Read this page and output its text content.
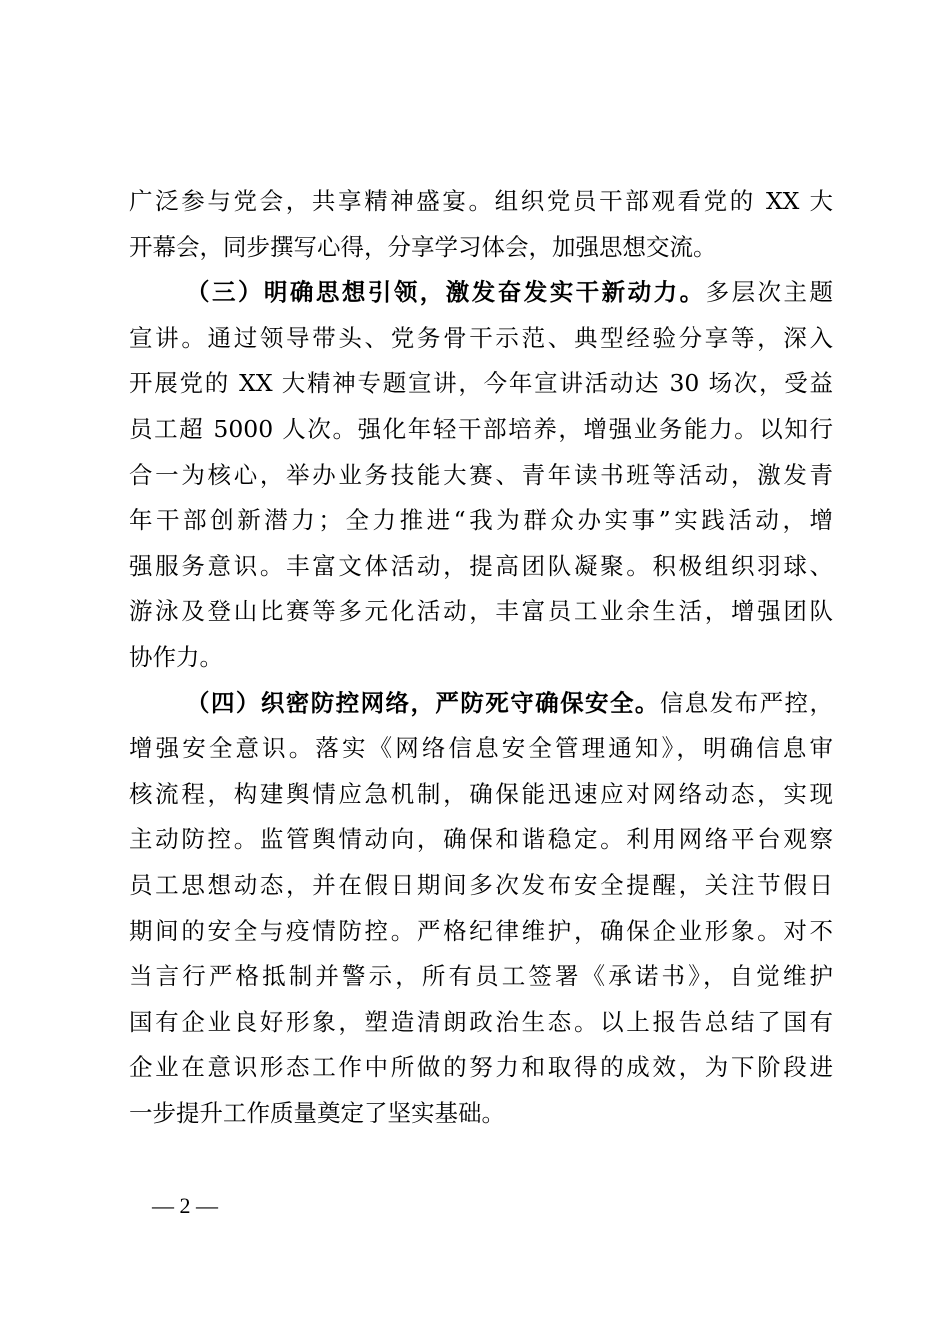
广泛参与党会，共享精神盛宴。组织党员干部观看党的 XX 大
开幕会，同步撰写心得，分享学习体会，加强思想交流。
（三）明确思想引领，激发奋发实干新动力。多层次主题
宣讲。通过领导带头、党务骨干示范、典型经验分享等，深入
开展党的 XX 大精神专题宣讲，今年宣讲活动达 30 场次，受益
员工超 5000 人次。强化年轻干部培养，增强业务能力。以知行
合一为核心，举办业务技能大赛、青年读书班等活动，激发青
年干部创新潜力；全力推进“我为群众办实事”实践活动，增
强服务意识。丰富文体活动，提高团队凝聚。积极组织羽球、
游泳及登山比赛等多元化活动，丰富员工业余生活，增强团队
协作力。
（四）织密防控网络，严防死守确保安全。信息发布严控，
增强安全意识。落实《网络信息安全管理通知》，明确信息审
核流程，构建舆情应急机制，确保能迅速应对网络动态，实现
主动防控。监管舆情动向，确保和谐稳定。利用网络平台观察
员工思想动态，并在假日期间多次发布安全提醒，关注节假日
期间的安全与疫情防控。严格纪律维护，确保企业形象。对不
当言行严格抵制并警示，所有员工签署《承诺书》，自觉维护
国有企业良好形象，塑造清朗政治生态。以上报告总结了国有
企业在意识形态工作中所做的努力和取得的成效，为下阶段进
一步提升工作质量奠定了坚实基础。
— 2 —
